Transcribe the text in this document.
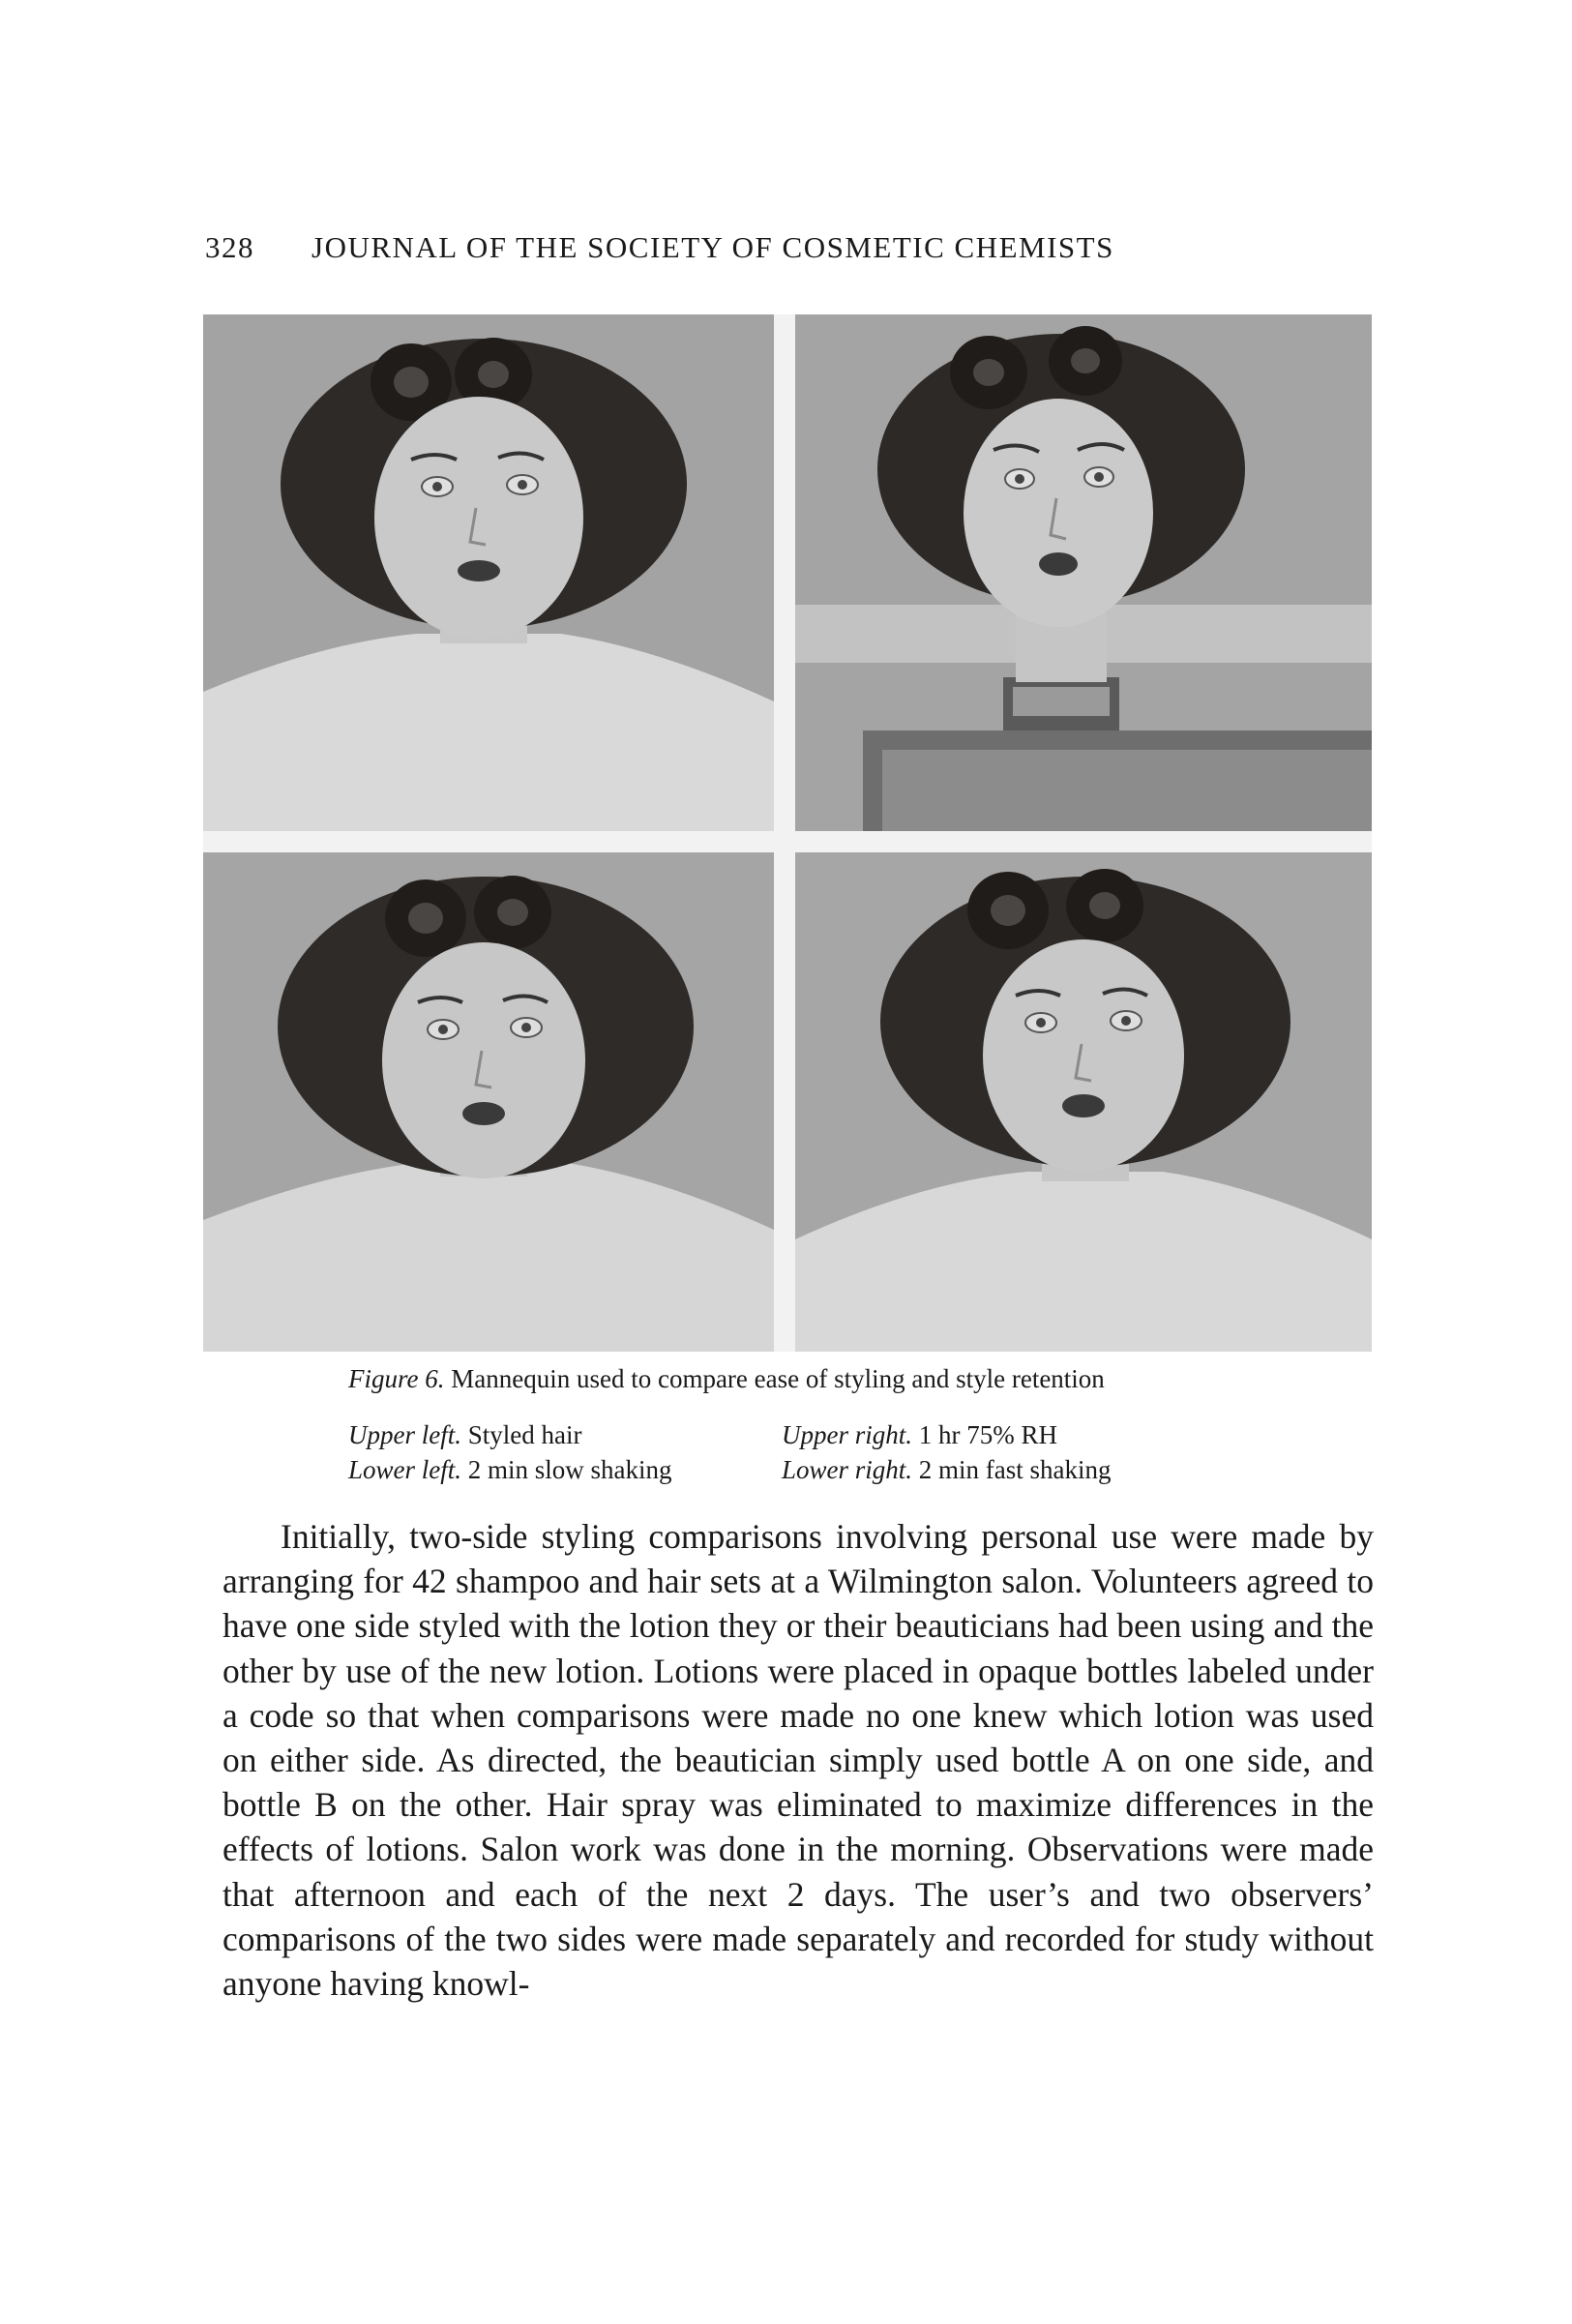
328 JOURNAL OF THE SOCIETY OF COSMETIC CHEMISTS
Figure 6. Mannequin used to compare ease of styling and style retention
Upper left. Styled hair	Upper right. 1 hr 75% RH
Lower left. 2 min slow shaking	Lower right. 2 min fast shaking

Initially, two-side styling comparisons involving personal use were made by arranging for 42 shampoo and hair sets at a Wilmington salon. Volunteers agreed to have one side styled with the lotion they or their beauticians had been using and the other by use of the new lotion. Lotions were placed in opaque bottles labeled under a code so that when comparisons were made no one knew which lotion was used on either side. As directed, the beautician simply used bottle A on one side, and bottle B on the other. Hair spray was eliminated to maximize differences in the effects of lotions. Salon work was done in the morning. Observations were made that afternoon and each of the next 2 days. The user’s and two observers’ comparisons of the two sides were made separately and recorded for study without anyone having knowl-
